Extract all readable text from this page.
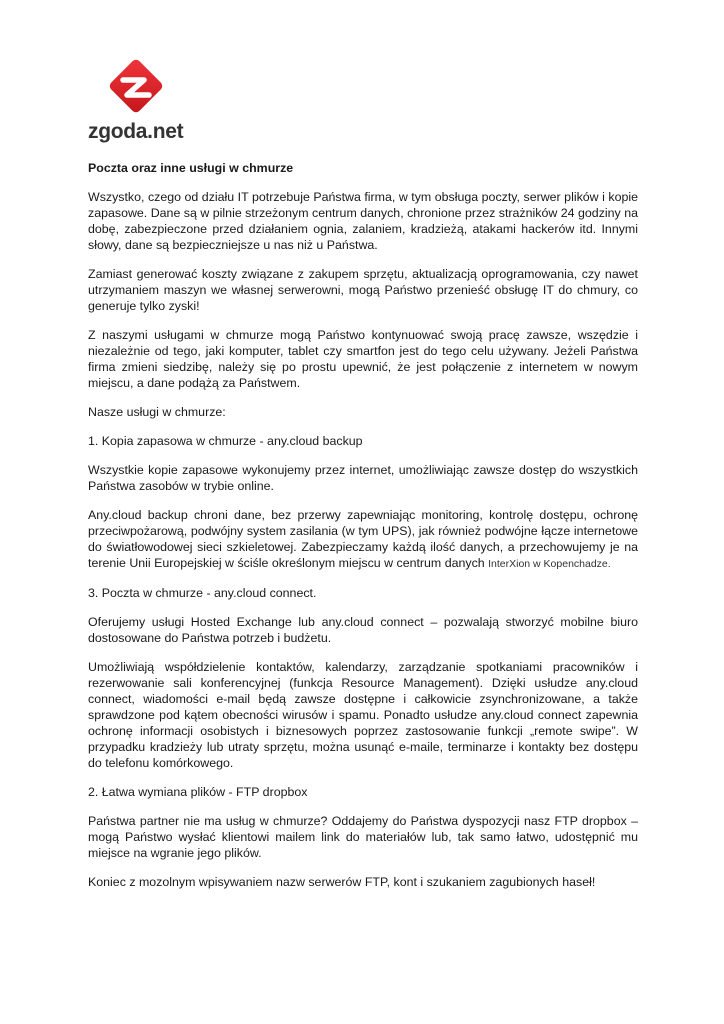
zgoda.net
Poczta oraz inne usługi w chmurze

Wszystko, czego od działu IT potrzebuje Państwa firma, w tym obsługa poczty, serwer plików i kopie zapasowe. Dane są w pilnie strzeżonym centrum danych, chronione przez strażników 24 godziny na dobę, zabezpieczone przed działaniem ognia, zalaniem, kradzieżą, atakami hackerów itd. Innymi słowy, dane są bezpieczniejsze u nas niż u Państwa.

Zamiast generować koszty związane z zakupem sprzętu, aktualizacją oprogramowania, czy nawet utrzymaniem maszyn we własnej serwerowni, mogą Państwo przenieść obsługę IT do chmury, co generuje tylko zyski!

Z naszymi usługami w chmurze mogą Państwo kontynuować swoją pracę zawsze, wszędzie i niezależnie od tego, jaki komputer, tablet czy smartfon jest do tego celu używany. Jeżeli Państwa firma zmieni siedzibę, należy się po prostu upewnić, że jest połączenie z internetem w nowym miejscu, a dane podążą za Państwem.

Nasze usługi w chmurze:

1. Kopia zapasowa w chmurze - any.cloud backup

Wszystkie kopie zapasowe wykonujemy przez internet, umożliwiając zawsze dostęp do wszystkich Państwa zasobów w trybie online.

Any.cloud backup chroni dane, bez przerwy zapewniając monitoring, kontrolę dostępu, ochronę przeciwpożarową, podwójny system zasilania (w tym UPS), jak również podwójne łącze internetowe do światłowodowej sieci szkieletowej. Zabezpieczamy każdą ilość danych, a przechowujemy je na terenie Unii Europejskiej w ściśle określonym miejscu w centrum danych InterXion w Kopenchadze.

3. Poczta w chmurze - any.cloud connect.

Oferujemy usługi Hosted Exchange lub any.cloud connect – pozwalają stworzyć mobilne biuro dostosowane do Państwa potrzeb i budżetu.

Umożliwiają współdzielenie kontaktów, kalendarzy, zarządzanie spotkaniami pracowników i rezerwowanie sali konferencyjnej (funkcja Resource Management). Dzięki usłudze any.cloud connect, wiadomości e-mail będą zawsze dostępne i całkowicie zsynchronizowane, a także sprawdzone pod kątem obecności wirusów i spamu. Ponadto usłudze any.cloud connect zapewnia ochronę informacji osobistych i biznesowych poprzez zastosowanie funkcji „remote swipe”. W przypadku kradzieży lub utraty sprzętu, można usunąć e-maile, terminarze i kontakty bez dostępu do telefonu komórkowego.

2. Łatwa wymiana plików - FTP dropbox

Państwa partner nie ma usług w chmurze? Oddajemy do Państwa dyspozycji nasz FTP dropbox – mogą Państwo wysłać klientowi mailem link do materiałów lub, tak samo łatwo, udostępnić mu miejsce na wgranie jego plików.

Koniec z mozolnym wpisywaniem nazw serwerów FTP, kont i szukaniem zagubionych haseł!
